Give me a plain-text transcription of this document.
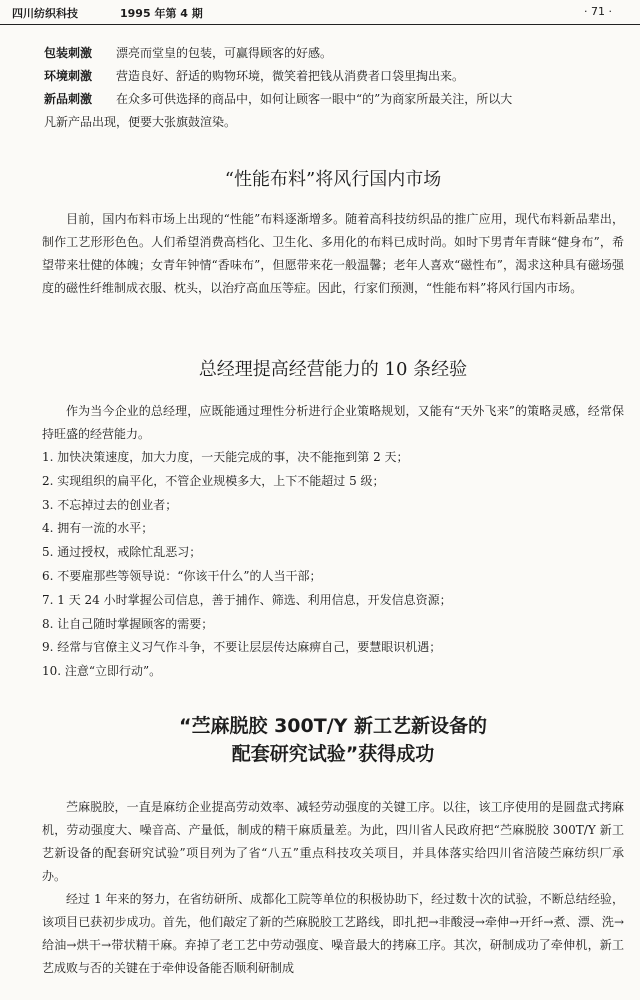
四川纺织科技	1995 年第 4 期	· 71 ·
包装刺激	漂亮而堂皇的包装，可赢得顾客的好感。
环境刺激	营造良好、舒适的购物环境，微笑着把钱从消费者口袋里掏出来。
新品刺激	在众多可供选择的商品中，如何让顾客一眼中“的”为商家所最关注，所以大
凡新产品出现，便要大张旗鼓渲染。
“性能布料”将风行国内市场

目前，国内布料市场上出现的“性能”布料逐渐增多。随着高科技纺织品的推广应用，现代布料新品辈出，制作工艺形形色色。人们希望消费高档化、卫生化、多用化的布料已成时尚。如时下男青年青睐“健身布”，希望带来壮健的体魄；女青年钟情“香味布”，但愿带来花一般温馨；老年人喜欢“磁性布”，渴求这种具有磁场强度的磁性纤维制成衣服、枕头，以治疗高血压等症。因此，行家们预测，“性能布料”将风行国内市场。

总经理提高经营能力的 10 条经验

作为当今企业的总经理，应既能通过理性分析进行企业策略规划，又能有“天外飞来”的策略灵感，经常保持旺盛的经营能力。

1. 加快决策速度，加大力度，一天能完成的事，决不能拖到第 2 天；
2. 实现组织的扁平化，不管企业规模多大，上下不能超过 5 级；
3. 不忘掉过去的创业者；
4. 拥有一流的水平；
5. 通过授权，戒除忙乱恶习；
6. 不要雇那些等领导说：“你该干什么”的人当干部；
7. 1 天 24 小时掌握公司信息，善于捕作、筛选、利用信息，开发信息资源；
8. 让自己随时掌握顾客的需要；
9. 经常与官僚主义习气作斗争，不要让层层传达麻痹自己，要慧眼识机遇；
10. 注意“立即行动”。
“苎麻脱胶 300T/Y 新工艺新设备的
配套研究试验”获得成功

苎麻脱胶，一直是麻纺企业提高劳动效率、减轻劳动强度的关键工序。以往，该工序使用的是圆盘式拷麻机，劳动强度大、噪音高、产量低，制成的精干麻质量差。为此，四川省人民政府把“苎麻脱胶 300T/Y 新工艺新设备的配套研究试验”项目列为了省“八五”重点科技攻关项目，并具体落实给四川省涪陵苎麻纺织厂承办。

经过 1 年来的努力，在省纺研所、成都化工院等单位的积极协助下，经过数十次的试验，不断总结经验，该项目已获初步成功。首先，他们敲定了新的苎麻脱胶工艺路线，即扎把→非酸浸→牵伸→开纤→煮、漂、洗→给油→烘干→带状精干麻。弃掉了老工艺中劳动强度、噪音最大的拷麻工序。其次，研制成功了牵伸机，新工艺成败与否的关键在于牵伸设备能否顺利研制成
